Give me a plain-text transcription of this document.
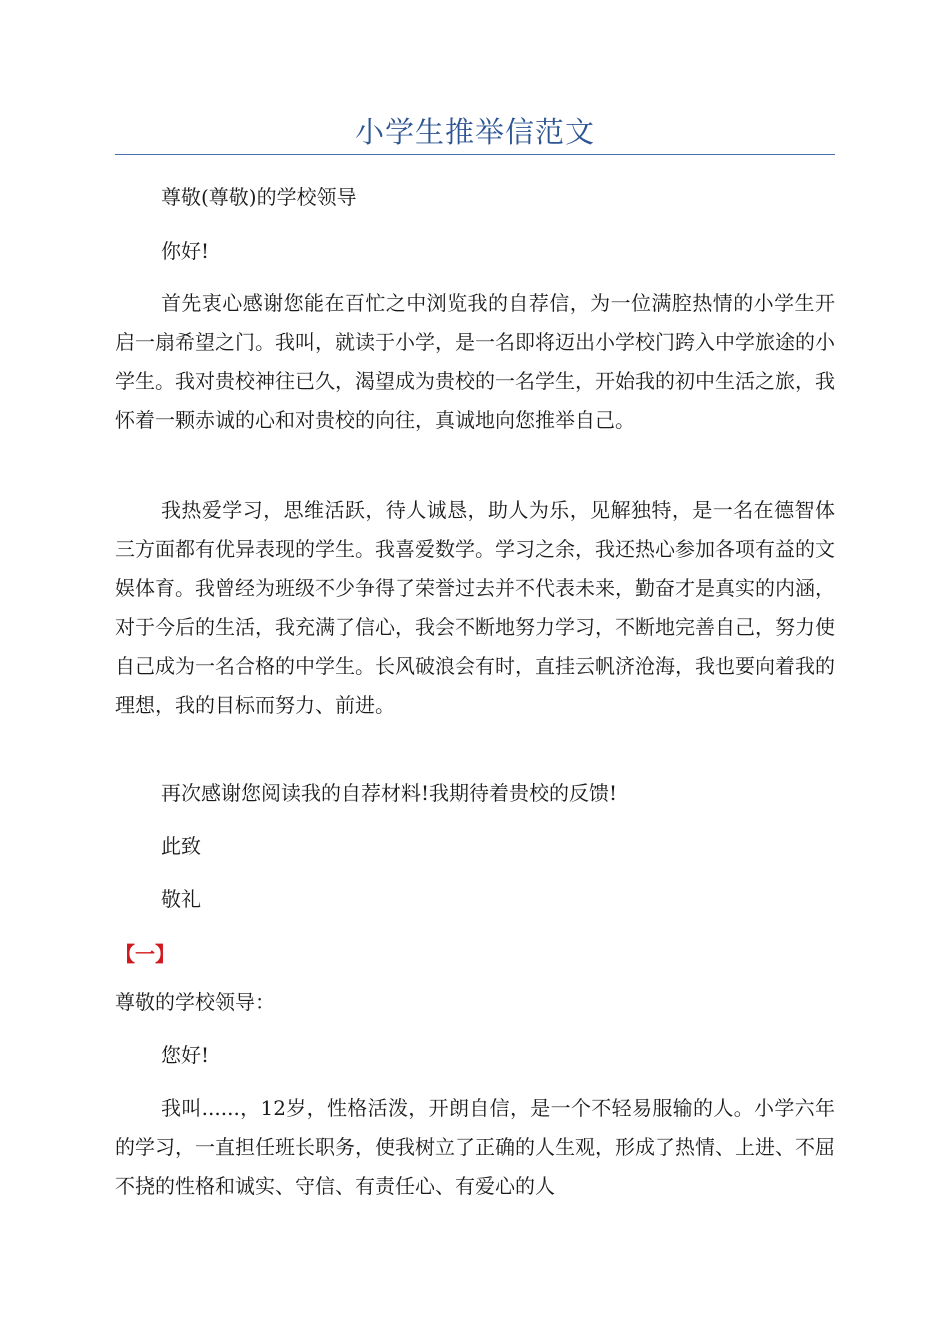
小学生推举信范文

尊敬(尊敬)的学校领导

你好!

首先衷心感谢您能在百忙之中浏览我的自荐信，为一位满腔热情的小学生开启一扇希望之门。我叫，就读于小学，是一名即将迈出小学校门跨入中学旅途的小学生。我对贵校神往已久，渴望成为贵校的一名学生，开始我的初中生活之旅，我怀着一颗赤诚的心和对贵校的向往，真诚地向您推举自己。

我热爱学习，思维活跃，待人诚恳，助人为乐，见解独特，是一名在德智体三方面都有优异表现的学生。我喜爱数学。学习之余，我还热心参加各项有益的文娱体育。我曾经为班级不少争得了荣誉过去并不代表未来，勤奋才是真实的内涵，对于今后的生活，我充满了信心，我会不断地努力学习，不断地完善自己，努力使自己成为一名合格的中学生。长风破浪会有时，直挂云帆济沧海，我也要向着我的理想，我的目标而努力、前进。

再次感谢您阅读我的自荐材料!我期待着贵校的反馈!

此致

敬礼

【一】

尊敬的学校领导：

您好!

我叫......，12岁，性格活泼，开朗自信，是一个不轻易服输的人。小学六年的学习，一直担任班长职务，使我树立了正确的人生观，形成了热情、上进、不屈不挠的性格和诚实、守信、有责任心、有爱心的人
